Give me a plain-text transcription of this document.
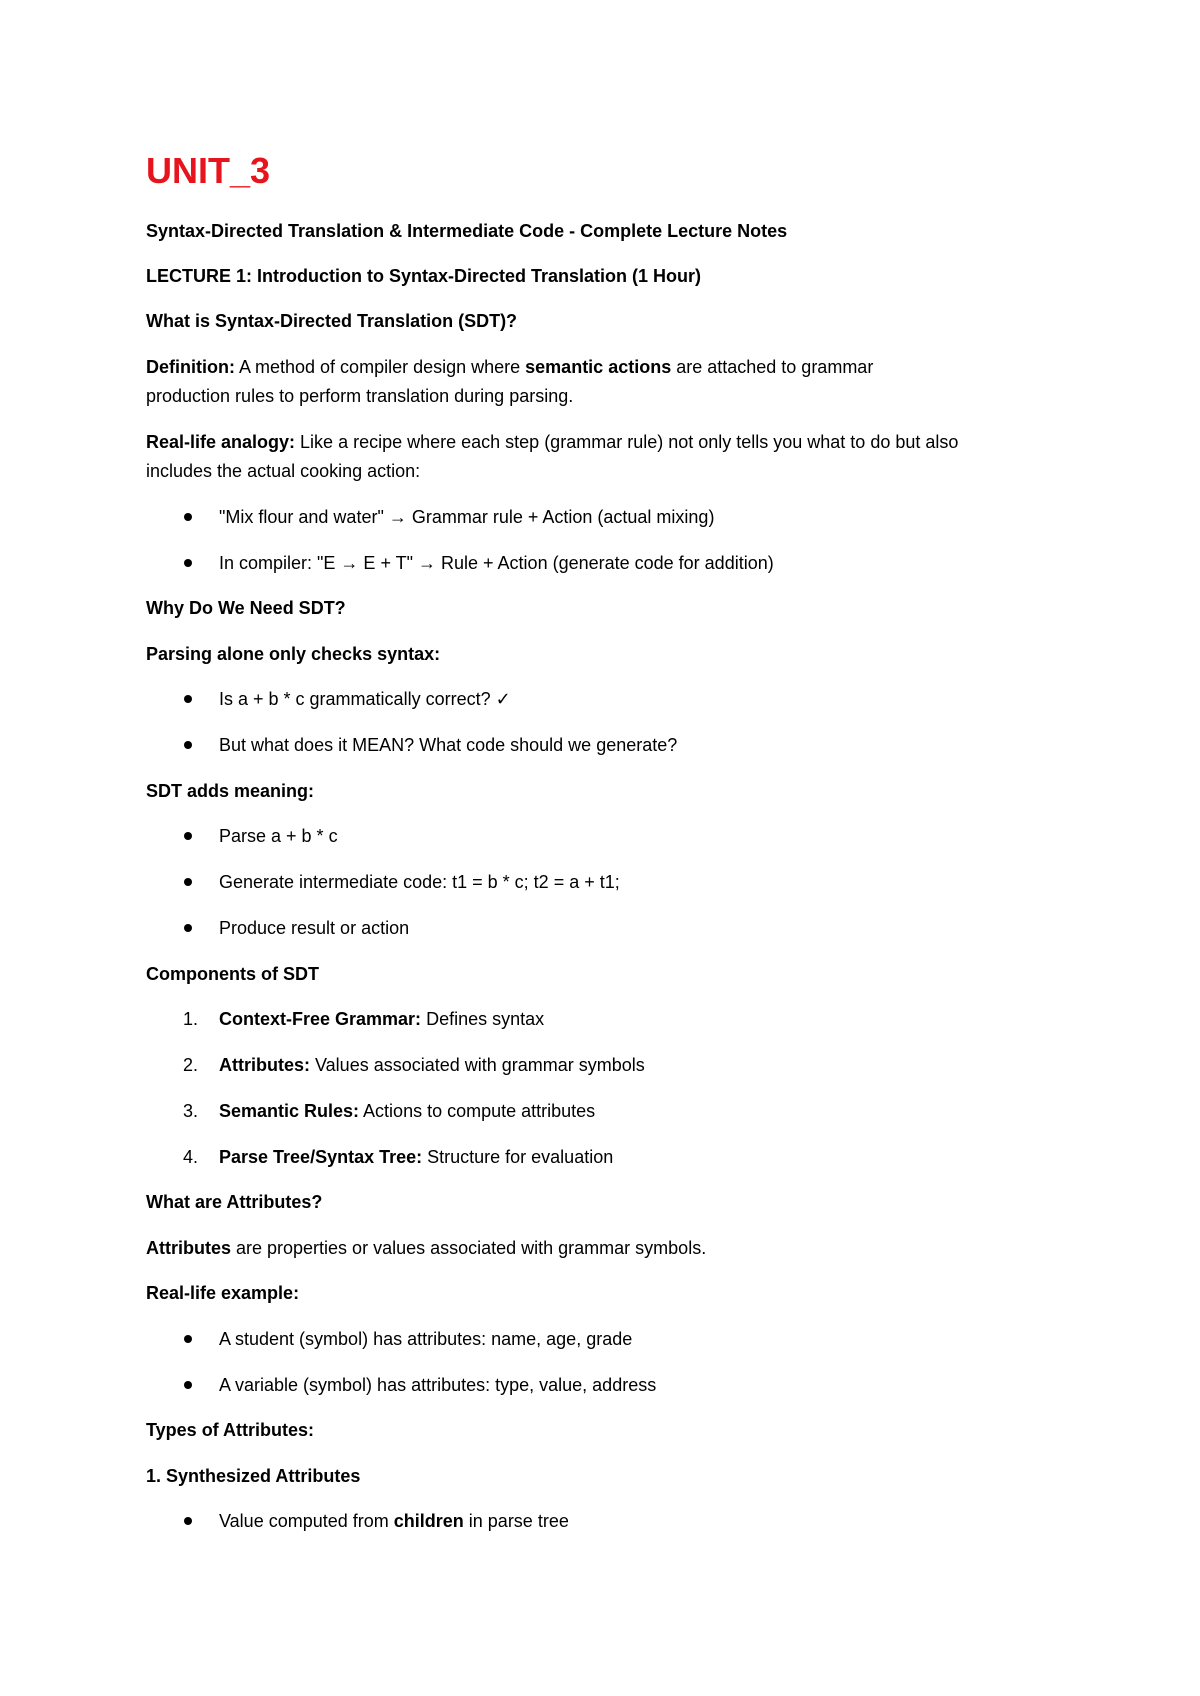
UNIT_3
Syntax-Directed Translation & Intermediate Code - Complete Lecture Notes
LECTURE 1: Introduction to Syntax-Directed Translation (1 Hour)
What is Syntax-Directed Translation (SDT)?
Definition: A method of compiler design where semantic actions are attached to grammar
production rules to perform translation during parsing.
Real-life analogy: Like a recipe where each step (grammar rule) not only tells you what to do but also
includes the actual cooking action:
"Mix flour and water" → Grammar rule + Action (actual mixing)
In compiler: "E → E + T" → Rule + Action (generate code for addition)
Why Do We Need SDT?
Parsing alone only checks syntax:
Is a + b * c grammatically correct? ✓
But what does it MEAN? What code should we generate?
SDT adds meaning:
Parse a + b * c
Generate intermediate code: t1 = b * c; t2 = a + t1;
Produce result or action
Components of SDT
1. Context-Free Grammar: Defines syntax
2. Attributes: Values associated with grammar symbols
3. Semantic Rules: Actions to compute attributes
4. Parse Tree/Syntax Tree: Structure for evaluation
What are Attributes?
Attributes are properties or values associated with grammar symbols.
Real-life example:
A student (symbol) has attributes: name, age, grade
A variable (symbol) has attributes: type, value, address
Types of Attributes:
1. Synthesized Attributes
Value computed from children in parse tree
